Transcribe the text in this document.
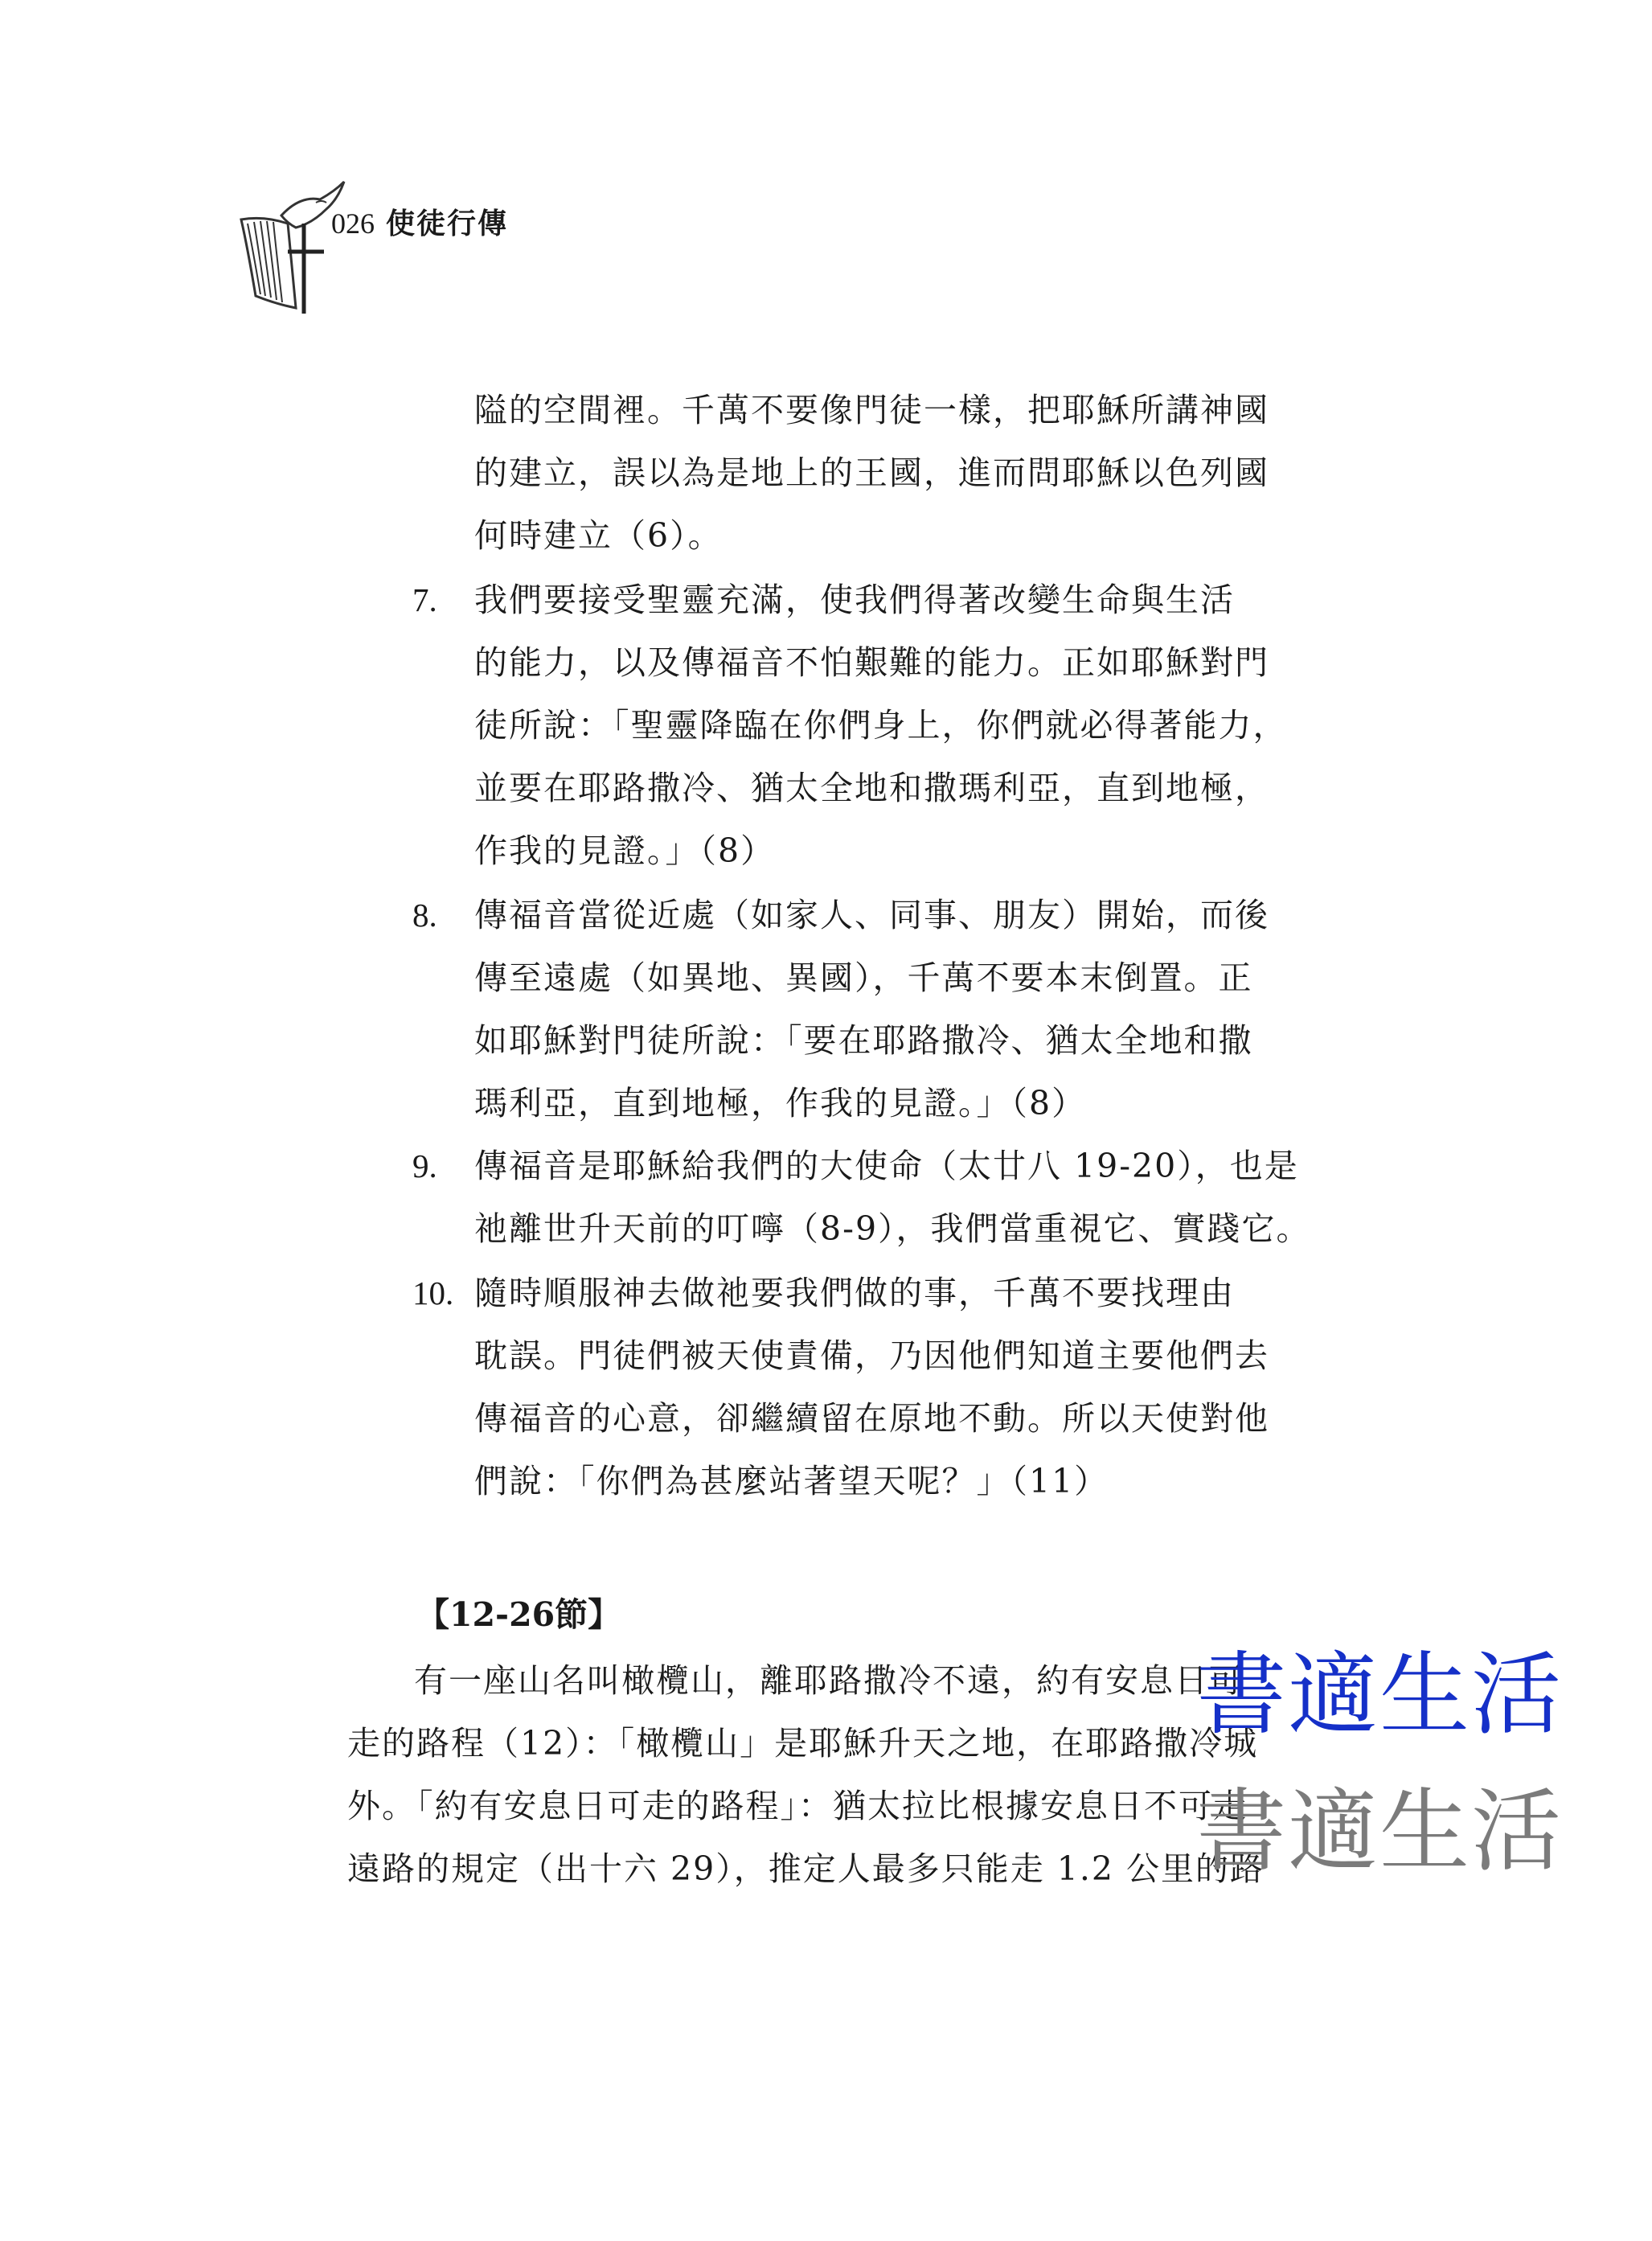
026 使徒行傳
隘的空間裡。千萬不要像門徒一樣，把耶穌所講神國
的建立，誤以為是地上的王國，進而問耶穌以色列國
何時建立（6）。
7. 我們要接受聖靈充滿，使我們得著改變生命與生活
的能力，以及傳福音不怕艱難的能力。正如耶穌對門
徒所說：「聖靈降臨在你們身上，你們就必得著能力，
並要在耶路撒冷、猶太全地和撒瑪利亞，直到地極，
作我的見證。」（8）
8. 傳福音當從近處（如家人、同事、朋友）開始，而後
傳至遠處（如異地、異國），千萬不要本末倒置。正
如耶穌對門徒所說：「要在耶路撒冷、猶太全地和撒
瑪利亞，直到地極，作我的見證。」（8）
9. 傳福音是耶穌給我們的大使命（太廿八 19-20），也是
祂離世升天前的叮嚀（8-9），我們當重視它、實踐它。
10. 隨時順服神去做祂要我們做的事，千萬不要找理由
耽誤。門徒們被天使責備，乃因他們知道主要他們去
傳福音的心意，卻繼續留在原地不動。所以天使對他
們說：「你們為甚麼站著望天呢？」（11）
【12-26節】
有一座山名叫橄欖山，離耶路撒冷不遠，約有安息日可
走的路程（12）：「橄欖山」是耶穌升天之地，在耶路撒冷城
外。「約有安息日可走的路程」：猶太拉比根據安息日不可走
遠路的規定（出十六 29），推定人最多只能走 1.2 公里的路
書適生活
書適生活
